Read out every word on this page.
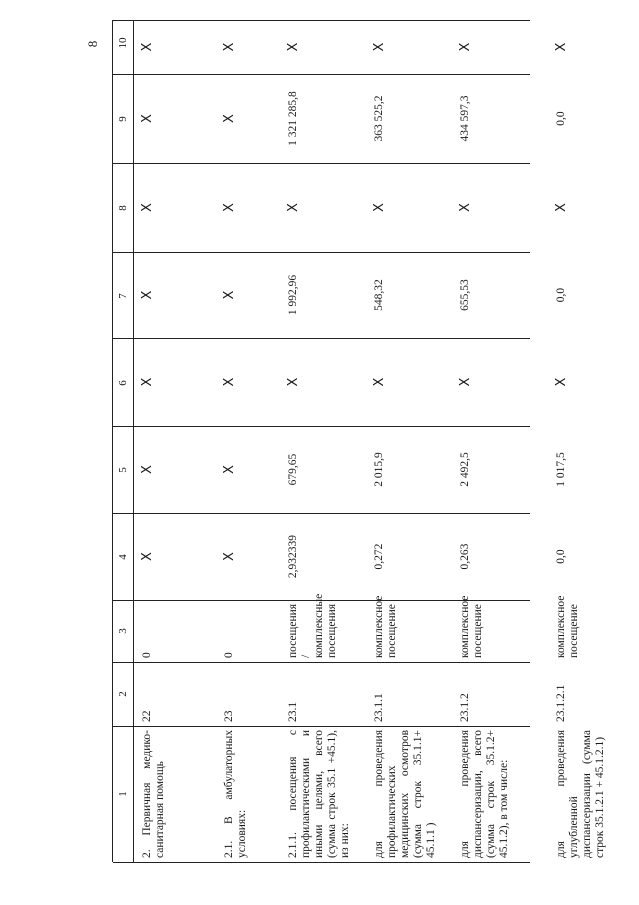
8 10
9
8
7
6
5
4
3
2
1
Х
Х
Х
Х
Х
Х
Х
0
22
2. Первичная медико-санитарная помощь
Х
Х
Х
Х
Х
Х
Х
0
23
2.1. В амбулаторных условиях:
Х
1 321 285,8
Х
1 992,96
Х
679,65
2,932339
посещения / комплексные посещения
23.1
2.1.1. посещения с профилактическими и иными целями, всего (сумма строк 35.1 +45.1), из них:
Х
363 525,2
Х
548,32
Х
2 015,9
0,272
комплексное посещение
23.1.1
для проведения профилактических медицинских осмотров (сумма строк 35.1.1+ 45.1.1 )
Х
434 597,3
Х
655,53
Х
2 492,5
0,263
комплексное посещение
23.1.2
для проведения диспансеризации, всего (сумма строк 35.1.2+ 45.1.2), в том числе:
Х
0,0
Х
0,0
Х
1 017,5
0,0
комплексное посещение
23.1.2.1
для проведения углубленной диспансеризации (сумма строк 35.1.2.1 + 45.1.2.1)
